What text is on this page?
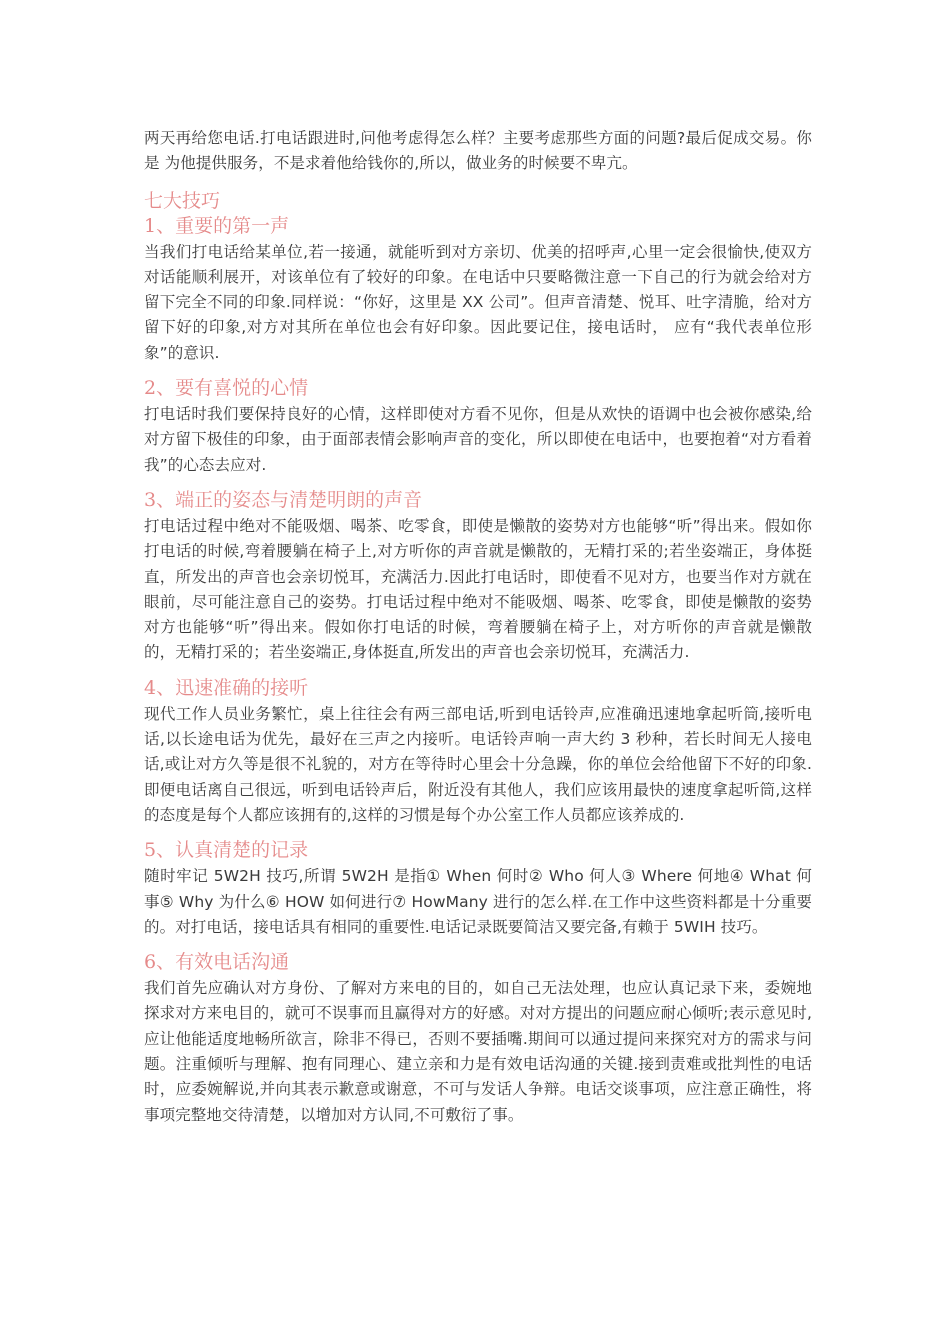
两天再给您电话.打电话跟进时,问他考虑得怎么样？主要考虑那些方面的问题?最后促成交易。你是 为他提供服务，不是求着他给钱你的,所以，做业务的时候要不卑亢。

七大技巧
1、重要的第一声

当我们打电话给某单位,若一接通，就能听到对方亲切、优美的招呼声,心里一定会很愉快,使双方对话能顺利展开，对该单位有了较好的印象。在电话中只要略微注意一下自己的行为就会给对方留下完全不同的印象.同样说：“你好，这里是 XX 公司”。但声音清楚、悦耳、吐字清脆，给对方留下好的印象,对方对其所在单位也会有好印象。因此要记住，接电话时， 应有“我代表单位形象”的意识.

2、要有喜悦的心情

打电话时我们要保持良好的心情，这样即使对方看不见你，但是从欢快的语调中也会被你感染,给对方留下极佳的印象，由于面部表情会影响声音的变化，所以即使在电话中，也要抱着“对方看着我”的心态去应对.

3、端正的姿态与清楚明朗的声音

打电话过程中绝对不能吸烟、喝茶、吃零食，即使是懒散的姿势对方也能够“听”得出来。假如你打电话的时候,弯着腰躺在椅子上,对方听你的声音就是懒散的，无精打采的;若坐姿端正，身体挺直，所发出的声音也会亲切悦耳，充满活力.因此打电话时，即使看不见对方，也要当作对方就在眼前，尽可能注意自己的姿势。打电话过程中绝对不能吸烟、喝茶、吃零食，即使是懒散的姿势对方也能够“听”得出来。假如你打电话的时候，弯着腰躺在椅子上，对方听你的声音就是懒散的，无精打采的；若坐姿端正,身体挺直,所发出的声音也会亲切悦耳，充满活力.

4、迅速准确的接听

现代工作人员业务繁忙，桌上往往会有两三部电话,听到电话铃声,应准确迅速地拿起听筒,接听电话,以长途电话为优先，最好在三声之内接听。电话铃声响一声大约 3 秒种，若长时间无人接电话,或让对方久等是很不礼貌的，对方在等待时心里会十分急躁，你的单位会给他留下不好的印象.即便电话离自己很远，听到电话铃声后，附近没有其他人，我们应该用最快的速度拿起听筒,这样的态度是每个人都应该拥有的,这样的习惯是每个办公室工作人员都应该养成的.

5、认真清楚的记录

随时牢记 5W2H 技巧,所谓 5W2H 是指① When 何时② Who 何人③ Where 何地④ What 何事⑤ Why 为什么⑥ HOW 如何进行⑦ HowMany 进行的怎么样.在工作中这些资料都是十分重要的。对打电话，接电话具有相同的重要性.电话记录既要简洁又要完备,有赖于 5WIH 技巧。

6、有效电话沟通

我们首先应确认对方身份、了解对方来电的目的，如自己无法处理，也应认真记录下来，委婉地探求对方来电目的，就可不误事而且赢得对方的好感。对对方提出的问题应耐心倾听;表示意见时,应让他能适度地畅所欲言，除非不得已，否则不要插嘴.期间可以通过提问来探究对方的需求与问题。注重倾听与理解、抱有同理心、建立亲和力是有效电话沟通的关键.接到责难或批判性的电话时，应委婉解说,并向其表示歉意或谢意，不可与发话人争辩。电话交谈事项，应注意正确性，将事项完整地交待清楚，以增加对方认同,不可敷衍了事。
